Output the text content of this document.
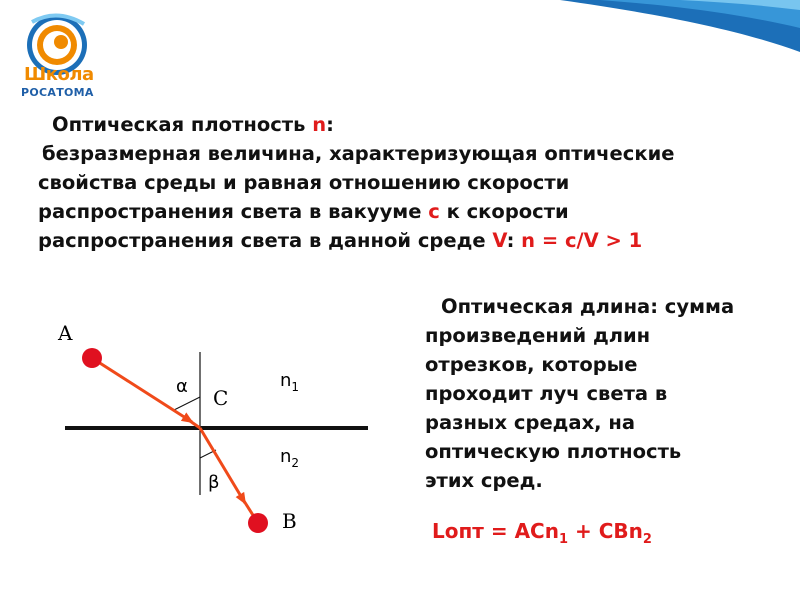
Школа
РОСАТОМА
Оптическая плотность n:
безразмерная величина, характеризующая оптические
свойства среды и равная отношению скорости
распространения света в вакууме c к скорости
распространения света в данной среде V: n = c/V > 1
A
B
C
α
β
$n_1$
$n_2$
Оптическая длина: сумма
произведений длин
отрезков, которые
проходит луч света в
разных средах, на
оптическую плотность
этих сред.
Lопт = ACn$_1$ + CBn$_2$
